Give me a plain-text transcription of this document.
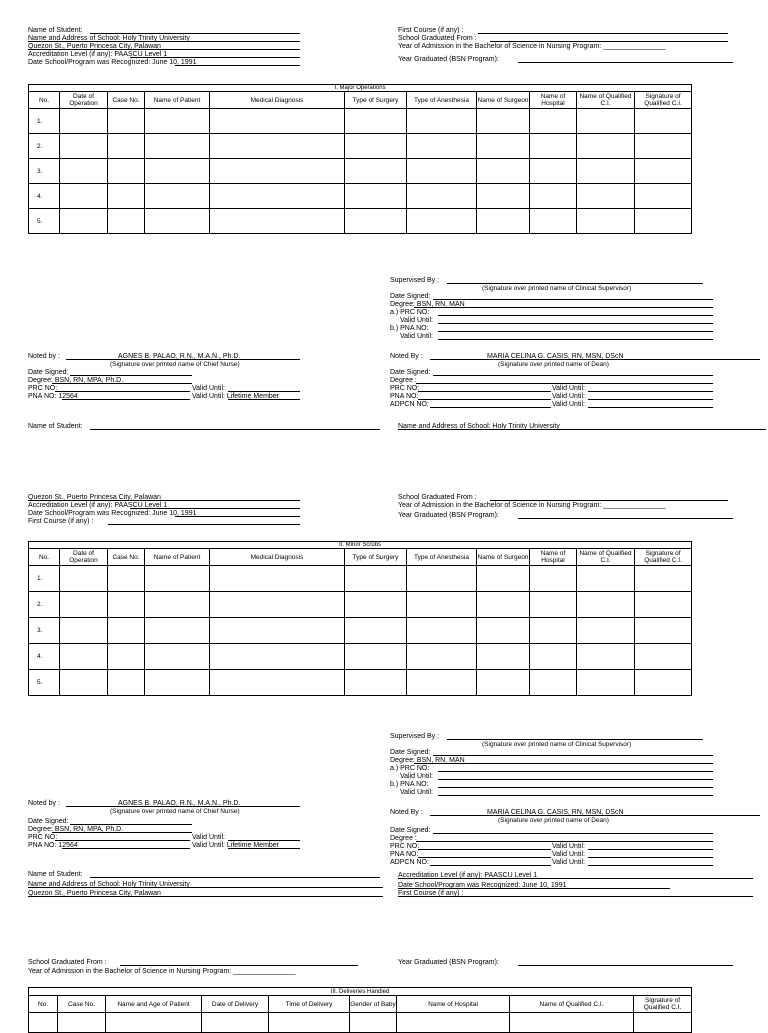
Name of Student:
Name and Address of School: Holy Trinity University
Quezon St., Puerto Princesa City, Palawan
Accreditation Level (if any): PAASCU Level 1
Date School/Program was Recognized: June 10, 1991
First Course (if any) :
School Graduated From :
Year of Admission in the Bachelor of Science in Nursing Program: ________________
Year Graduated (BSN Program):
I. Major Operations										
No.	Date of Operation	Case No.	Name of Patient	Medical Diagnosis	Type of Surgery	Type of Anesthesia	Name of Surgeon	Name of Hospital	Name of Qualified C.I.	Signature of Qualified C.I.
1.										
2.										
3.										
4.										
5.										
Supervised By :
(Signature over printed name of Clinical Supervisor)
Date Signed:
Degree: BSN, RN, MAN
a.) PRC NO:
Valid Until:
b.) PNA NO:
Valid Until:
Noted by :	AGNES B. PALAO, R.N., M.A.N., Ph.D.
(Signature over printed name of Chief Nurse)
Date Signed:
Degree: BSN, RN, MPA, Ph.D.
PRC NO:	Valid Until:
PNA NO: 12564	Valid Until: Lifetime Member
Noted By :	MARIA CELINA G. CASIS, RN, MSN, DScN
(Signature over printed name of Dean)
Date Signed:
Degree :
PRC NO:	Valid Until:
PNA NO:	Valid Until:
ADPCN NO:	Valid Until:
Name of Student:	Name and Address of School: Holy Trinity University
Quezon St., Puerto Princesa City, Palawan
Accreditation Level (if any): PAASCU Level 1
Date School/Program was Recognized: June 10, 1991
First Course (if any) :
School Graduated From :
Year of Admission in the Bachelor of Science in Nursing Program: ________________
Year Graduated (BSN Program):
II. Minor Scrubs										
No.	Date of Operation	Case No.	Name of Patient	Medical Diagnosis	Type of Surgery	Type of Anesthesia	Name of Surgeon	Name of Hospital	Name of Qualified C.I.	Signature of Qualified C.I.
1.										
2.										
3.										
4.										
5.										
Supervised By :
(Signature over printed name of Clinical Supervisor)
Date Signed:
Degree: BSN, RN, MAN
a.) PRC NO:
Valid Until:
b.) PNA NO:
Valid Until:
Noted by :	AGNES B. PALAO, R.N., M.A.N., Ph.D.
(Signature over printed name of Chief Nurse)
Date Signed:
Degree: BSN, RN, MPA, Ph.D.
PRC NO:	Valid Until:
PNA NO: 12564	Valid Until: Lifetime Member
Noted By :	MARIA CELINA G. CASIS, RN, MSN, DScN
(Signature over printed name of Dean)
Date Signed:
Degree :
PRC NO:	Valid Until:
PNA NO:	Valid Until:
ADPCN NO:	Valid Until:
Name of Student:
Name and Address of School: Holy Trinity University
Quezon St., Puerto Princesa City, Palawan
Accreditation Level (if any): PAASCU Level 1
Date School/Program was Recognized: June 10, 1991
First Course (if any) :
School Graduated From :
Year of Admission in the Bachelor of Science in Nursing Program: ________________
Year Graduated (BSN Program):
III. Deliveries Handled								
No.	Case No.	Name and Age of Patient	Date of Delivery	Time of Delivery	Gender of Baby	Name of Hospital	Name of Qualified C.I.	Signature of Qualified C.I.
